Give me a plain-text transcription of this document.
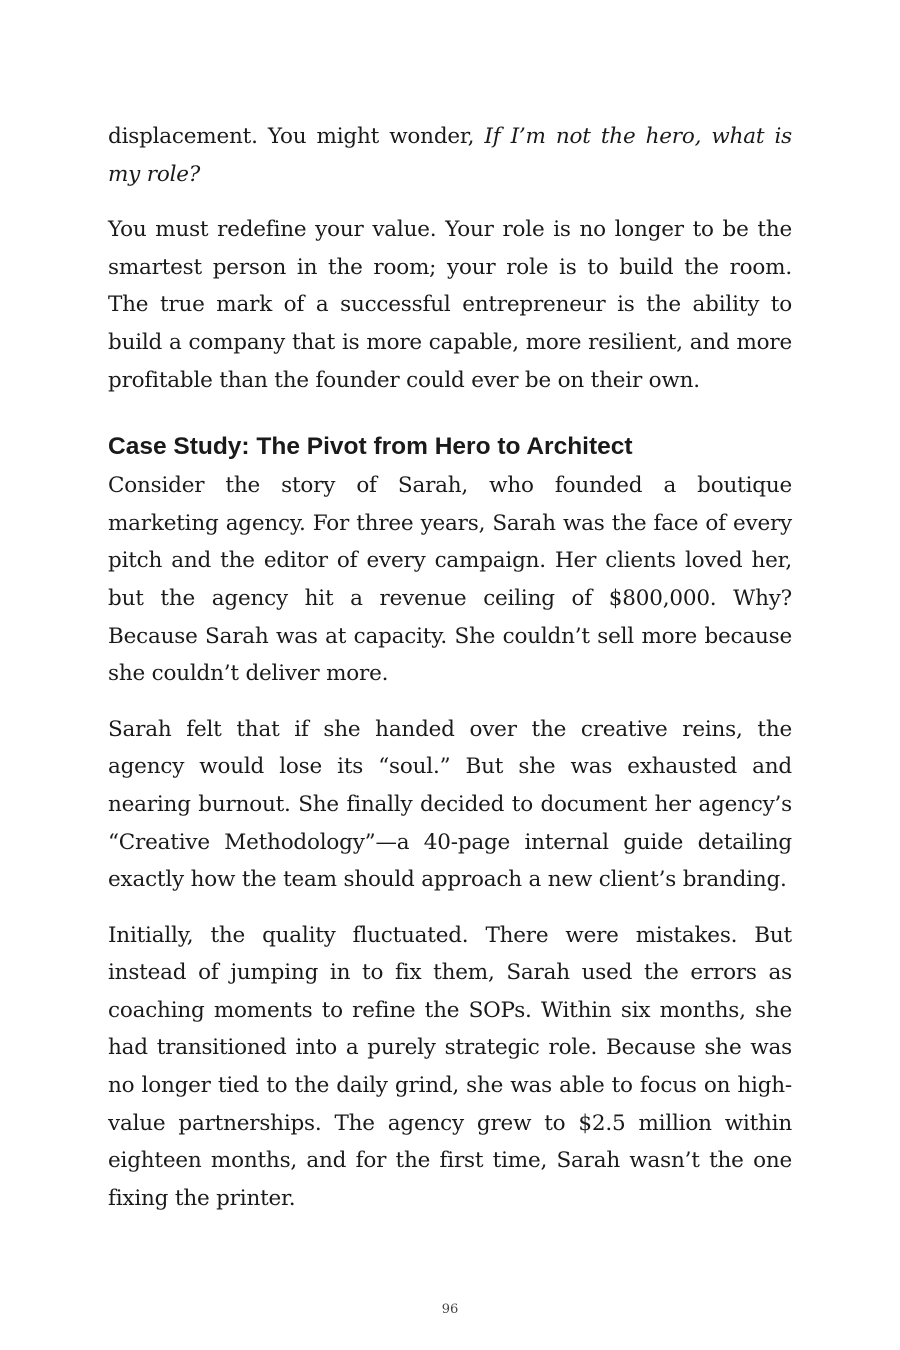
displacement. You might wonder, If I’m not the hero, what is my role?

You must redefine your value. Your role is no longer to be the smartest person in the room; your role is to build the room. The true mark of a successful entrepreneur is the ability to build a company that is more capable, more resilient, and more profitable than the founder could ever be on their own.

Case Study: The Pivot from Hero to Architect

Consider the story of Sarah, who founded a boutique marketing agency. For three years, Sarah was the face of every pitch and the editor of every campaign. Her clients loved her, but the agency hit a revenue ceiling of $800,000. Why? Because Sarah was at capacity. She couldn’t sell more because she couldn’t deliver more.

Sarah felt that if she handed over the creative reins, the agency would lose its “soul.” But she was exhausted and nearing burnout. She finally decided to document her agency’s “Creative Methodology”—a 40-page internal guide detailing exactly how the team should approach a new client’s branding.

Initially, the quality fluctuated. There were mistakes. But instead of jumping in to fix them, Sarah used the errors as coaching moments to refine the SOPs. Within six months, she had transitioned into a purely strategic role. Because she was no longer tied to the daily grind, she was able to focus on high-value partnerships. The agency grew to $2.5 million within eighteen months, and for the first time, Sarah wasn’t the one fixing the printer.

96
